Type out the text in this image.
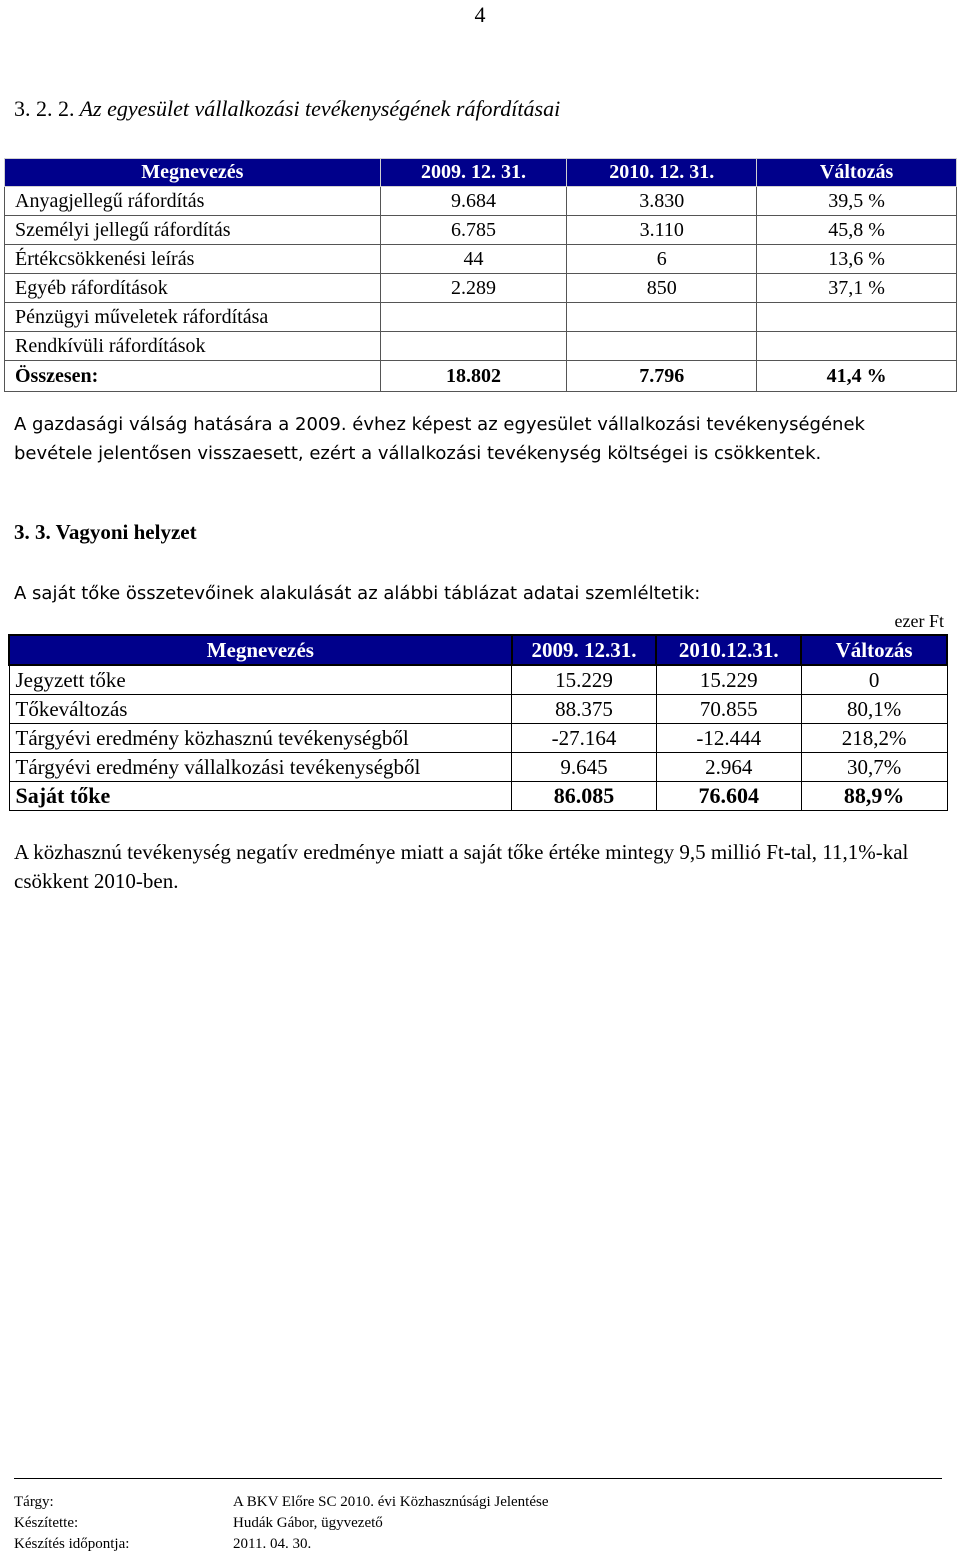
4
3. 2. 2. Az egyesület vállalkozási tevékenységének ráfordításai
Megnevezés	2009. 12. 31.	2010. 12. 31.	Változás
Anyagjellegű ráfordítás	9.684	3.830	39,5 %
Személyi jellegű ráfordítás	6.785	3.110	45,8 %
Értékcsökkenési leírás	44	6	13,6 %
Egyéb ráfordítások	2.289	850	37,1 %
Pénzügyi műveletek ráfordítása			
Rendkívüli ráfordítások			
Összesen:	18.802	7.796	41,4 %

A gazdasági válság hatására a 2009. évhez képest az egyesület vállalkozási tevékenységének bevétele jelentősen visszaesett, ezért a vállalkozási tevékenység költségei is csökkentek.

3. 3. Vagyoni helyzet

A saját tőke összetevőinek alakulását az alábbi táblázat adatai szemléltetik:

ezer Ft
Megnevezés	2009. 12.31.	2010.12.31.	Változás
Jegyzett tőke	15.229	15.229	0
Tőkeváltozás	88.375	70.855	80,1%
Tárgyévi eredmény közhasznú tevékenységből	-27.164	-12.444	218,2%
Tárgyévi eredmény vállalkozási tevékenységből	9.645	2.964	30,7%
Saját tőke	86.085	76.604	88,9%

A közhasznú tevékenység negatív eredménye miatt a saját tőke értéke mintegy 9,5 millió Ft-tal, 11,1%-kal csökkent 2010-ben.

Tárgy:	A BKV Előre SC 2010. évi Közhasznúsági Jelentése
Készítette:	Hudák Gábor, ügyvezető
Készítés időpontja:	2011. 04. 30.
